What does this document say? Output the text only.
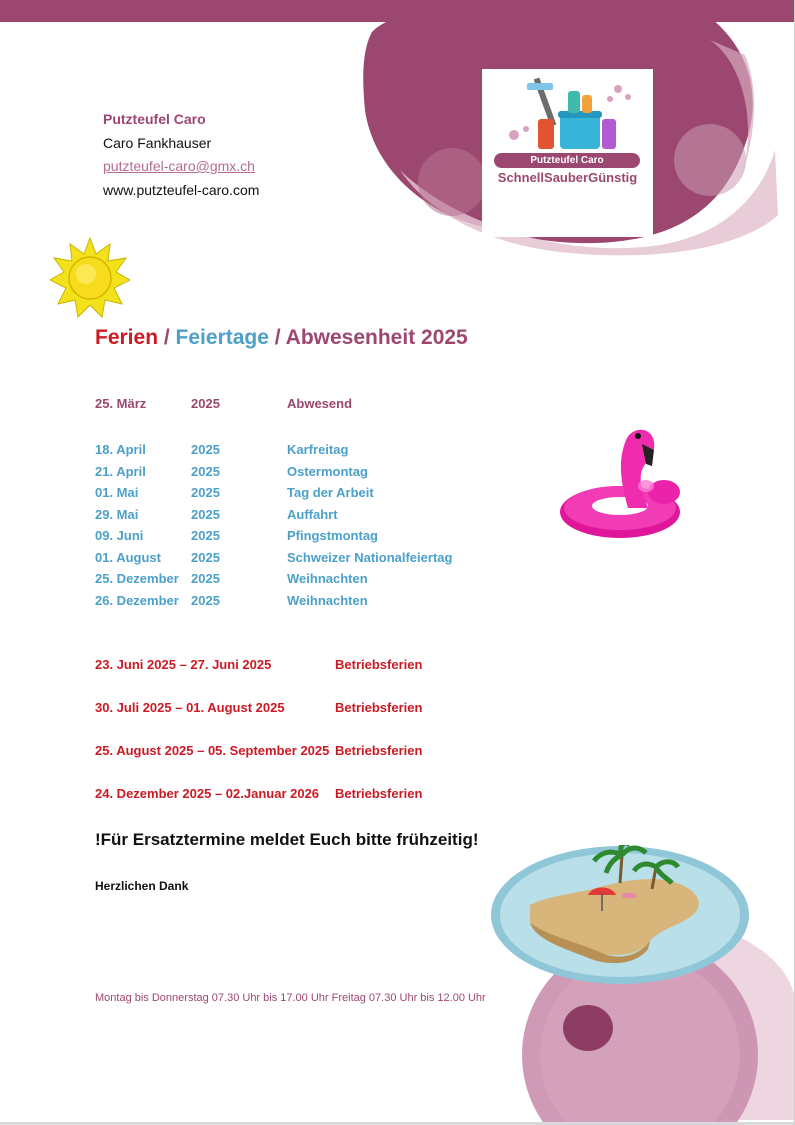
Putzteufel Caro
SchnellSauberGünstig
Putzteufel Caro
Caro Fankhauser
putzteufel-caro@gmx.ch
www.putzteufel-caro.com
Ferien / Feiertage / Abwesenheit 2025
25. März	2025	Abwesend
18. April	2025	Karfreitag
21. April	2025	Ostermontag
01. Mai	2025	Tag der Arbeit
29. Mai	2025	Auffahrt
09. Juni	2025	Pfingstmontag
01. August 2025	Schweizer Nationalfeiertag
25. Dezember 2025	Weihnachten
26. Dezember 2025	Weihnachten
23. Juni 2025 – 27. Juni 2025	Betriebsferien
30. Juli 2025 – 01. August 2025	Betriebsferien
25. August 2025 – 05. September 2025 Betriebsferien
24. Dezember 2025 – 02.Januar 2026 Betriebsferien
!Für Ersatztermine meldet Euch bitte frühzeitig!
Herzlichen Dank
Montag bis Donnerstag 07.30 Uhr bis 17.00 Uhr Freitag 07.30 Uhr bis 12.00 Uhr
